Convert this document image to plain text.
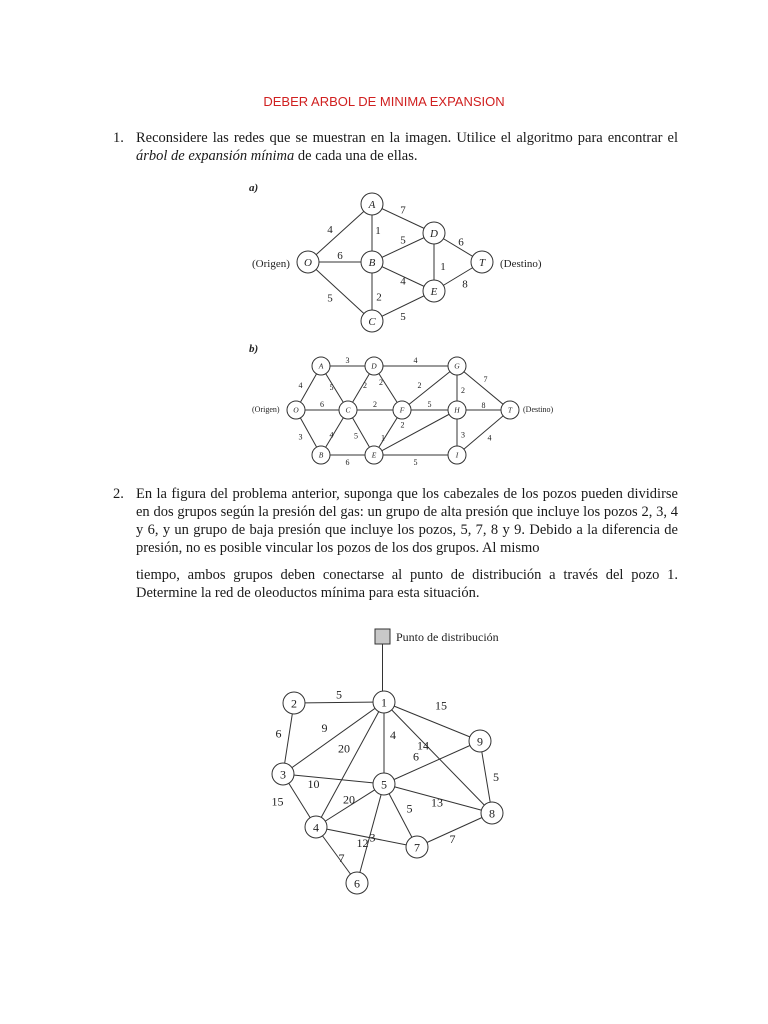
DEBER ARBOL DE MINIMA EXPANSION
1. Reconsidere las redes que se muestran en la imagen. Utilice el algoritmo para encontrar el árbol de expansión mínima de cada una de ellas.
a)
(Origen)	(Destino)
4
6
5
1
7
5
4
2
5
1
6
8
O
A
B
C
D
E
T
b)
(Origen)	(Destino)
4
6
3
3
5
4
6
2
2
5
2
4
1
2
5
2
5
2
7
8
3	4
O
A
B
C
D
E
F
G
H
I
T
2. En la figura del problema anterior, suponga que los cabezales de los pozos pueden dividirse en dos grupos según la presión del gas: un grupo de alta presión que incluye los pozos 2, 3, 4 y 6, y un grupo de baja presión que incluye los pozos, 5, 7, 8 y 9. Debido a la diferencia de presión, no es posible vincular los pozos de los dos grupos. Al mismo
tiempo, ambos grupos deben conectarse al punto de distribución a través del pozo 1. Determine la red de oleoductos mínima para esta situación.
Punto de distribución
5
6	9
10
15
20
4
15
14
20
12
7
3
6
13
5
7
5
1
2
3
4
5
6
7
8
9
